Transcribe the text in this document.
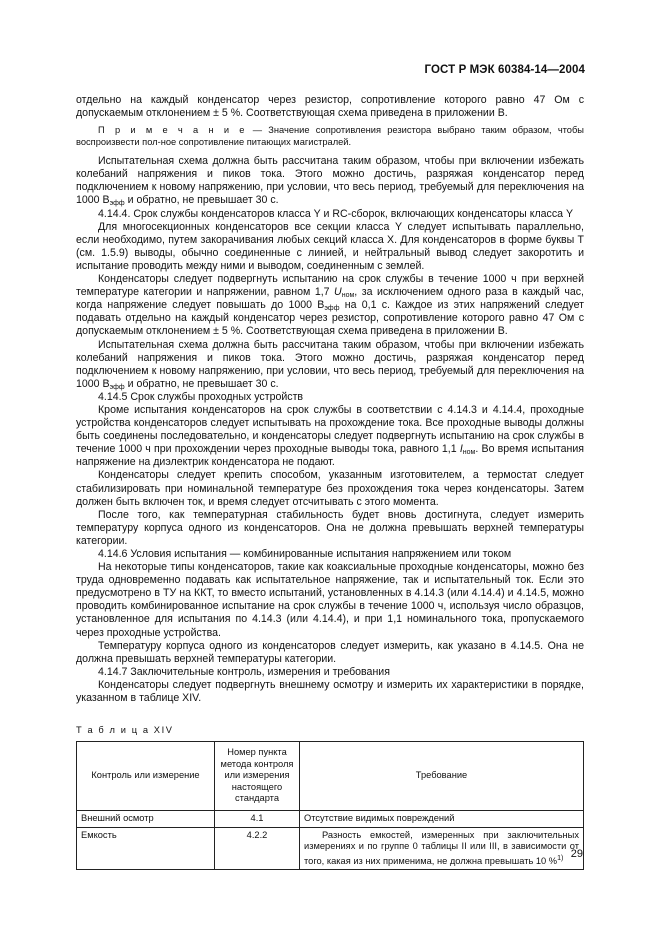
ГОСТ Р МЭК 60384-14—2004

отдельно на каждый конденсатор через резистор, сопротивление которого равно 47 Ом с допускаемым отклонением ± 5 %. Соответствующая схема приведена в приложении В.

П р и м е ч а н и е — Значение сопротивления резистора выбрано таким образом, чтобы воспроизвести пол-ное сопротивление питающих магистралей.

Испытательная схема должна быть рассчитана таким образом, чтобы при включении избежать колебаний напряжения и пиков тока. Этого можно достичь, разряжая конденсатор перед подключением к новому напряжению, при условии, что весь период, требуемый для переключения на 1000 $В_{эфф}$ и обратно, не превышает 30 с.

4.14.4. Срок службы конденсаторов класса Y и RC-сборок, включающих конденсаторы класса Y

Для многосекционных конденсаторов все секции класса Y следует испытывать параллельно, если необходимо, путем закорачивания любых секций класса X. Для конденсаторов в форме буквы Т (см. 1.5.9) выводы, обычно соединенные с линией, и нейтральный вывод следует закоротить и испытание проводить между ними и выводом, соединенным с землей.

Конденсаторы следует подвергнуть испытанию на срок службы в течение 1000 ч при верхней температуре категории и напряжении, равном 1,7 $U_{ном}$, за исключением одного раза в каждый час, когда напряжение следует повышать до 1000 $В_{эфф}$ на 0,1 с. Каждое из этих напряжений следует подавать отдельно на каждый конденсатор через резистор, сопротивление которого равно 47 Ом с допускаемым отклонением ± 5 %. Соответствующая схема приведена в приложении В.

Испытательная схема должна быть рассчитана таким образом, чтобы при включении избежать колебаний напряжения и пиков тока. Этого можно достичь, разряжая конденсатор перед подключением к новому напряжению, при условии, что весь период, требуемый для переключения на 1000 $В_{эфф}$ и обратно, не превышает 30 с.

4.14.5 Срок службы проходных устройств

Кроме испытания конденсаторов на срок службы в соответствии с 4.14.3 и 4.14.4, проходные устройства конденсаторов следует испытывать на прохождение тока. Все проходные выводы должны быть соединены последовательно, и конденсаторы следует подвергнуть испытанию на срок службы в течение 1000 ч при прохождении через проходные выводы тока, равного 1,1 $I_{ном}$. Во время испытания напряжение на диэлектрик конденсатора не подают.

Конденсаторы следует крепить способом, указанным изготовителем, а термостат следует стабилизировать при номинальной температуре без прохождения тока через конденсаторы. Затем должен быть включен ток, и время следует отсчитывать с этого момента.

После того, как температурная стабильность будет вновь достигнута, следует измерить температуру корпуса одного из конденсаторов. Она не должна превышать верхней температуры категории.

4.14.6 Условия испытания — комбинированные испытания напряжением или током

На некоторые типы конденсаторов, такие как коаксиальные проходные конденсаторы, можно без труда одновременно подавать как испытательное напряжение, так и испытательный ток. Если это предусмотрено в ТУ на ККТ, то вместо испытаний, установленных в 4.14.3 (или 4.14.4) и 4.14.5, можно проводить комбинированное испытание на срок службы в течение 1000 ч, используя число образцов, установленное для испытания по 4.14.3 (или 4.14.4), и при 1,1 номинального тока, пропускаемого через проходные устройства.

Температуру корпуса одного из конденсаторов следует измерить, как указано в 4.14.5. Она не должна превышать верхней температуры категории.

4.14.7 Заключительные контроль, измерения и требования

Конденсаторы следует подвергнуть внешнему осмотру и измерить их характеристики в порядке, указанном в таблице XIV.

Т а б л и ц а XIV
Контроль или измерение	Номер пункта метода контроля или измерения настоящего стандарта	Требование
Внешний осмотр	4.1	Отсутствие видимых повреждений
Емкость	4.2.2	Разность емкостей, измеренных при заключительных измерениях и по группе 0 таблицы II или III, в зависимости от того, какая из них применима, не должна превышать 10 %$^{1)}$ 29
